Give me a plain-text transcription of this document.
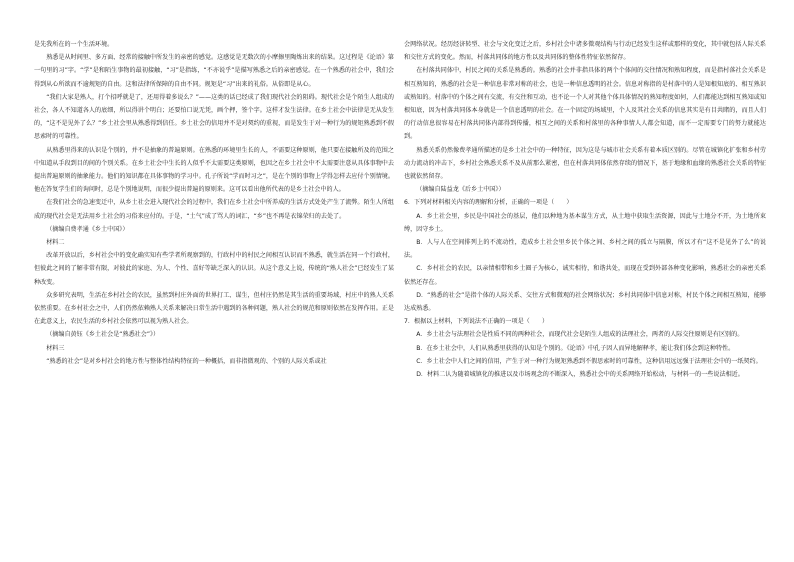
是先我所在的一个生活环境。

熟悉是从时间里、多方面、经常的接触中所发生的亲密的感觉。这感觉是无数次的小摩擦里陶炼出来的结果。这过程是《论语》第一句里的习”字。“学”是和陌生事物的最初接触，“习”是指练，“不亦说乎”是描写熟悉之后的亲密感觉。在一个熟悉的社会中，我们会得到从心所欲而不逾规矩的自由。这和法律所保障的自由不同。规矩是“习”出来的礼俗。从俗即是从心。

“我们大家是熟人，打个招呼就是了，还用得着多说么？”——这类的话已经成了我们现代社会的阻碍。现代社会是个陌生人组成的社会，各人不知道各人的底细，所以得讲个明白；还要怕口说无凭，画个押，签个字。这样才发生法律。在乡土社会中法律是无从发生的，“这不是见外了么？”乡土社会里从熟悉得到信任。乡土社会的信用并不是对契约的重视，而是发生于对一种行为的规矩熟悉到不假思索时的可靠性。

从熟悉里得来的认识是个别的，并不是抽象的普遍原则。在熟悉的环境里生长的人，不需要这种原则，他只要在接触所及的范围之中知道从手段到目的间的个别关系。在乡土社会中生长的人似乎不太需要这类原则，也因之在乡土社会中不太需要注意从具体事物中去提出普遍原则的抽象能力。他们的知识都在具体事物的学习中。孔子所说“学而时习之”，是在个别的事物上学得怎样去应付个别情境。他在答复学生们的询问时，总是个别地说明，而很少提出普遍的原则来。这可以看出他所代表的是乡土社会中的人。

在我们社会的急速变迁中，从乡土社会进入现代社会的过程中，我们在乡土社会中所养成的生活方式处处产生了流弊。陌生人所组成的现代社会是无法用乡土社会的习俗来应付的。于是，“土气”成了骂人的词汇，“乡”也不再是衣锦荣归的去处了。

（摘编自费孝通《乡土中国》）

材料二

改革开放以后，乡村社会中的变化确实知有些学者所观察到的，行政村中的村民之间相互认识而不熟悉，就生活在同一个行政村，但彼此之间的了解非常有限，对彼此的家庭、为人、个性、喜好等缺乏深入的认识。从这个意义上说，传统的“熟人社会”已经发生了某种改变。

众多研究表明，生活在乡村社会的农民，虽然到村庄外面的世界打工、谋生，但村庄仍然是其生活的重要场域，村庄中的熟人关系依然重要。在乡村社会之中，人们仍然依赖熟人关系来解决日常生活中遇到的各种问题，熟人社会的规范和原则依然在发挥作用。正是在此意义上，农民生活的乡村社会依然可以视为熟人社会。

（摘编自黄钰《乡土社会是“熟悉社会”》）

材料三

“熟悉的社会”是对乡村社会的地方性与整体性结构特征的一种概括，而非指微观的、个别的人际关系或社

会网络状况。经历经济转型、社会与文化变迁之后，乡村社会中诸多微观结构与行动已经发生这样或那样的变化，其中就包括人际关系和交往方式的变化。然而，村落共同体的地方性以及共同体的整体性特征依然留存。

在村落共同体中，村民之间的关系是熟悉的。熟悉的社会并非指具体的两个个体间的交往情况和熟知程度，而是指村落社会关系是相互熟知的，熟悉的社会是一种信息非常对称的社会，也是一种信息透明的社会。信息对称指的是村落中的人是知根知底的、相互熟识或熟知的。村落中的个体之间有交流，有交往和互动，也不论一个人对其他个体具体情况的熟知程度如何，人们都能达到相互熟知或知根知底，因为村落共同体本身就是一个信息透明的社会。在一个固定的场域里，个人及其社会关系的信息其实是有目共睹的，而且人们的行动信息很容易在村落共同体内部得到传播，相互之间的关系和村落里的各种事情人人都会知道，而不一定需要专门的努力就能达到。

熟悉关系仍然像费孝通所描述的是乡土社会中的一种特征，因为这是与城市社会关系有着本质区别的。尽管在城镇化扩张和乡村劳动力流动的冲击下，乡村社会熟悉关系不及从前那么紧密，但在村落共同体依然存续的情况下，基于地缘和血缘的熟悉社会关系的特征也就依然留存。

（摘编自陆益龙《后乡土中国》）

6．下列对材料相关内容的理解和分析，正确的一项是（　　）

A．乡土社会里，乡民是中国社会的基层，他们以种地为基本谋生方式，从土地中获取生活资源，因此与土地分不开，为土地所束缚，因守乡土。

B．人与人在空间排列上的不流动性，造成乡土社会里乡民个体之间、乡村之间的孤立与隔膜，所以才有“这不是见外了么”的说法。

C．乡村社会的农民，以亲情相带和乡土圈子为核心，诚实相待，和谐共处，而现在受到外部各种变化影响，熟悉社会的亲密关系依然还存在。

D．“熟悉的社会”是指个体的人际关系、交往方式和微观的社会网络状况；乡村共同体中信息对称，村民个体之间相互熟知，能够达成熟悉。

7．根据以上材料，下列说法不正确的一项是（　　）

A．乡土社会与法理社会是性质不同的两种社会，而现代社会是陌生人组成的法理社会，两者的人际交往原则是有区别的。

B．在乡土社会中，人们从熟悉里获得的认知是个别的。《论语》中孔子因人而异地解释孝，能让我们体会到这种特性。

C．乡土社会中人们之间的信用，产生于对一种行为规矩熟悉到不假思索时的可靠性，这种信用远远强于法理社会中的一纸契约。

D．材料二认为随着城镇化的推进以及市场观念的不断深入，熟悉社会中的关系网络开始松动，与材料一的一些说法相近。
